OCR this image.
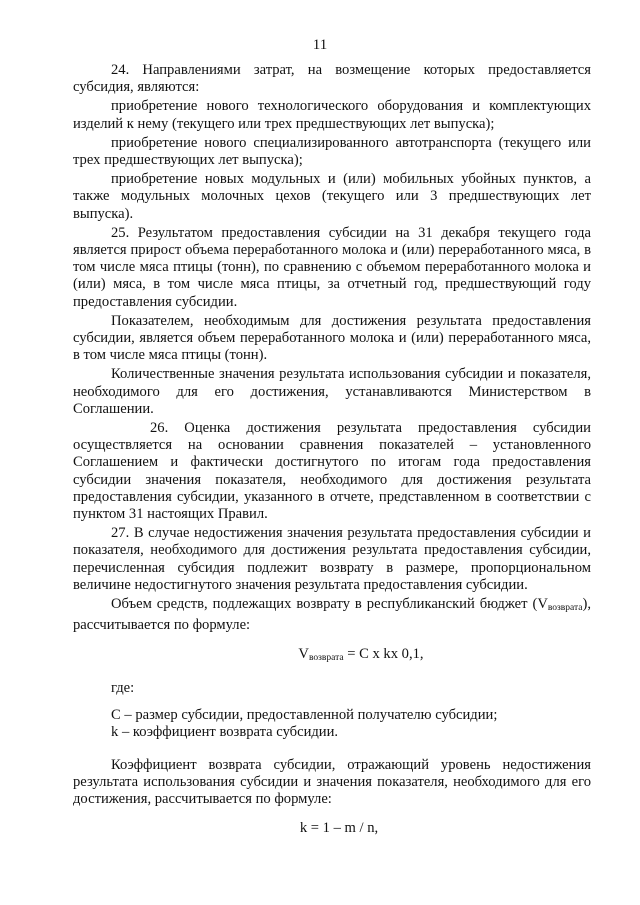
11

24. Направлениями затрат, на возмещение которых предоставляется субсидия, являются:

приобретение нового технологического оборудования и комплектующих изделий к нему (текущего или трех предшествующих лет выпуска);

приобретение нового специализированного автотранспорта (текущего или трех предшествующих лет выпуска);

приобретение новых модульных и (или) мобильных убойных пунктов, а также модульных молочных цехов (текущего или 3 предшествующих лет выпуска).

25. Результатом предоставления субсидии на 31 декабря текущего года является прирост объема переработанного молока и (или) переработанного мяса, в том числе мяса птицы (тонн), по сравнению с объемом переработанного молока и (или) мяса, в том числе мяса птицы, за отчетный год, предшествующий году предоставления субсидии.

Показателем, необходимым для достижения результата предоставления субсидии, является объем переработанного молока и (или) переработанного мяса, в том числе мяса птицы (тонн).

Количественные значения результата использования субсидии и показателя, необходимого для его достижения, устанавливаются Министерством в Соглашении.

26. Оценка достижения результата предоставления субсидии осуществляется на основании сравнения показателей – установленного Соглашением и фактически достигнутого по итогам года предоставления субсидии значения показателя, необходимого для достижения результата предоставления субсидии, указанного в отчете, представленном в соответствии с пунктом 31 настоящих Правил.

27. В случае недостижения значения результата предоставления субсидии и показателя, необходимого для достижения результата предоставления субсидии, перечисленная субсидия подлежит возврату в размере, пропорциональном величине недостигнутого значения результата предоставления субсидии.

Объем средств, подлежащих возврату в республиканский бюджет $(V_{возврата})$, рассчитывается по формуле:

$V_{возврата} = С$ x kx 0,1,

где:

С – размер субсидии, предоставленной получателю субсидии;

k – коэффициент возврата субсидии.

Коэффициент возврата субсидии, отражающий уровень недостижения результата использования субсидии и значения показателя, необходимого для его достижения, рассчитывается по формуле:

k = 1 – m / n,
